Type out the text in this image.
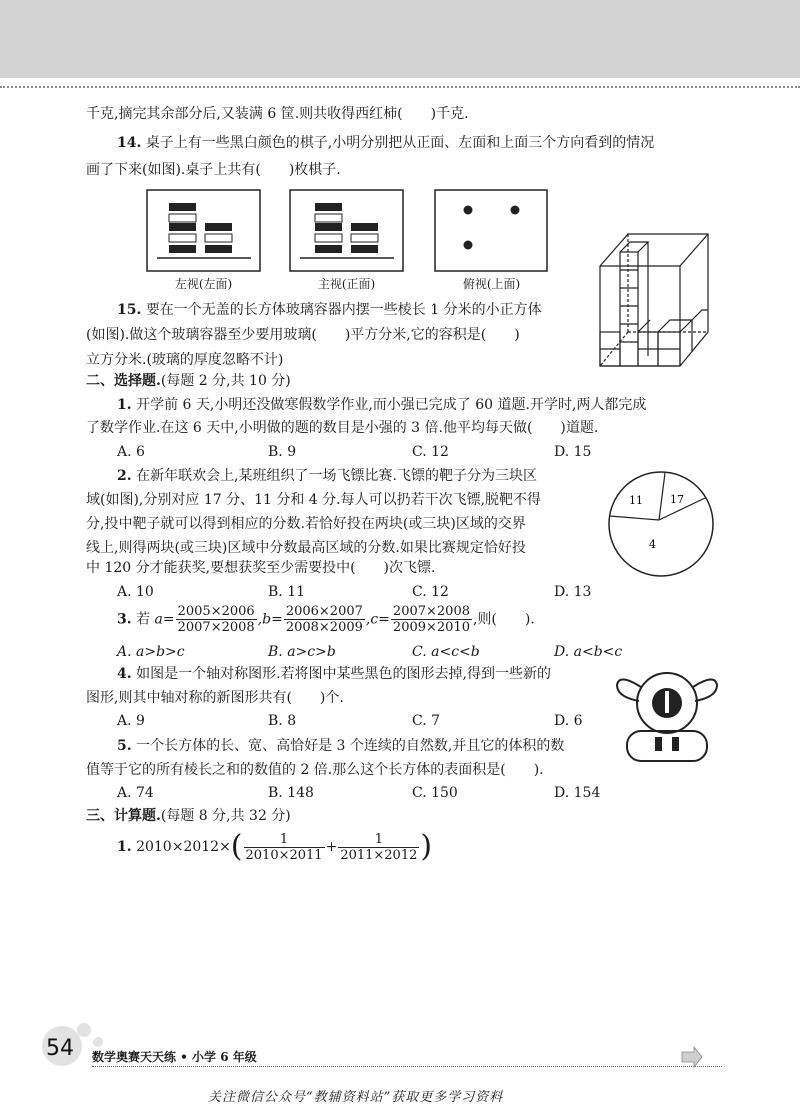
千克,摘完其余部分后,又装满 6 筐.则共收得西红柿(　　)千克.
14. 桌子上有一些黑白颜色的棋子,小明分别把从正面、左面和上面三个方向看到的情况
画了下来(如图).桌子上共有(　　)枚棋子.
左视(左面)	主视(正面)	俯视(上面)
15. 要在一个无盖的长方体玻璃容器内摆一些棱长 1 分米的小正方体
(如图).做这个玻璃容器至少要用玻璃(　　)平方分米,它的容积是(　　)
立方分米.(玻璃的厚度忽略不计)
二、选择题.(每题 2 分,共 10 分)
1. 开学前 6 天,小明还没做寒假数学作业,而小强已完成了 60 道题.开学时,两人都完成
了数学作业.在这 6 天中,小明做的题的数目是小强的 3 倍.他平均每天做(　　)道题.
A. 6	B. 9	C. 12	D. 15
2. 在新年联欢会上,某班组织了一场飞镖比赛.飞镖的靶子分为三块区
域(如图),分别对应 17 分、11 分和 4 分.每人可以扔若干次飞镖,脱靶不得
分,投中靶子就可以得到相应的分数.若恰好投在两块(或三块)区域的交界
线上,则得两块(或三块)区域中分数最高区域的分数.如果比赛规定恰好投
中 120 分才能获奖,要想获奖至少需要投中(　　)次飞镖.
A. 10	B. 11	C. 12	D. 13
11 17
4
3. 若 $a= \frac{2005\times 2006}{2007\times 2008} ,b= \frac{2006\times 2007}{2008\times 2009} ,c= \frac{2007\times 2008}{2009\times 2010}$ ,则(　　).
A. a>b>c	B. a>c>b	C. a<c<b	D. a<b<c
4. 如图是一个轴对称图形.若将图中某些黑色的图形去掉,得到一些新的
图形,则其中轴对称的新图形共有(　　)个.
A. 9	B. 8	C. 7	D. 6
5. 一个长方体的长、宽、高恰好是 3 个连续的自然数,并且它的体积的数
值等于它的所有棱长之和的数值的 2 倍.那么这个长方体的表面积是(　　).
A. 74	B. 148	C. 150	D. 154
三、计算题.(每题 8 分,共 32 分)
1. $2010\times 2012\times( \frac{1}{2010\times 2011} + \frac{1}{2011\times 2012}$ )
54 数学奥赛天天练 • 小学 6 年级
关注微信公众号“教辅资料站”获取更多学习资料
